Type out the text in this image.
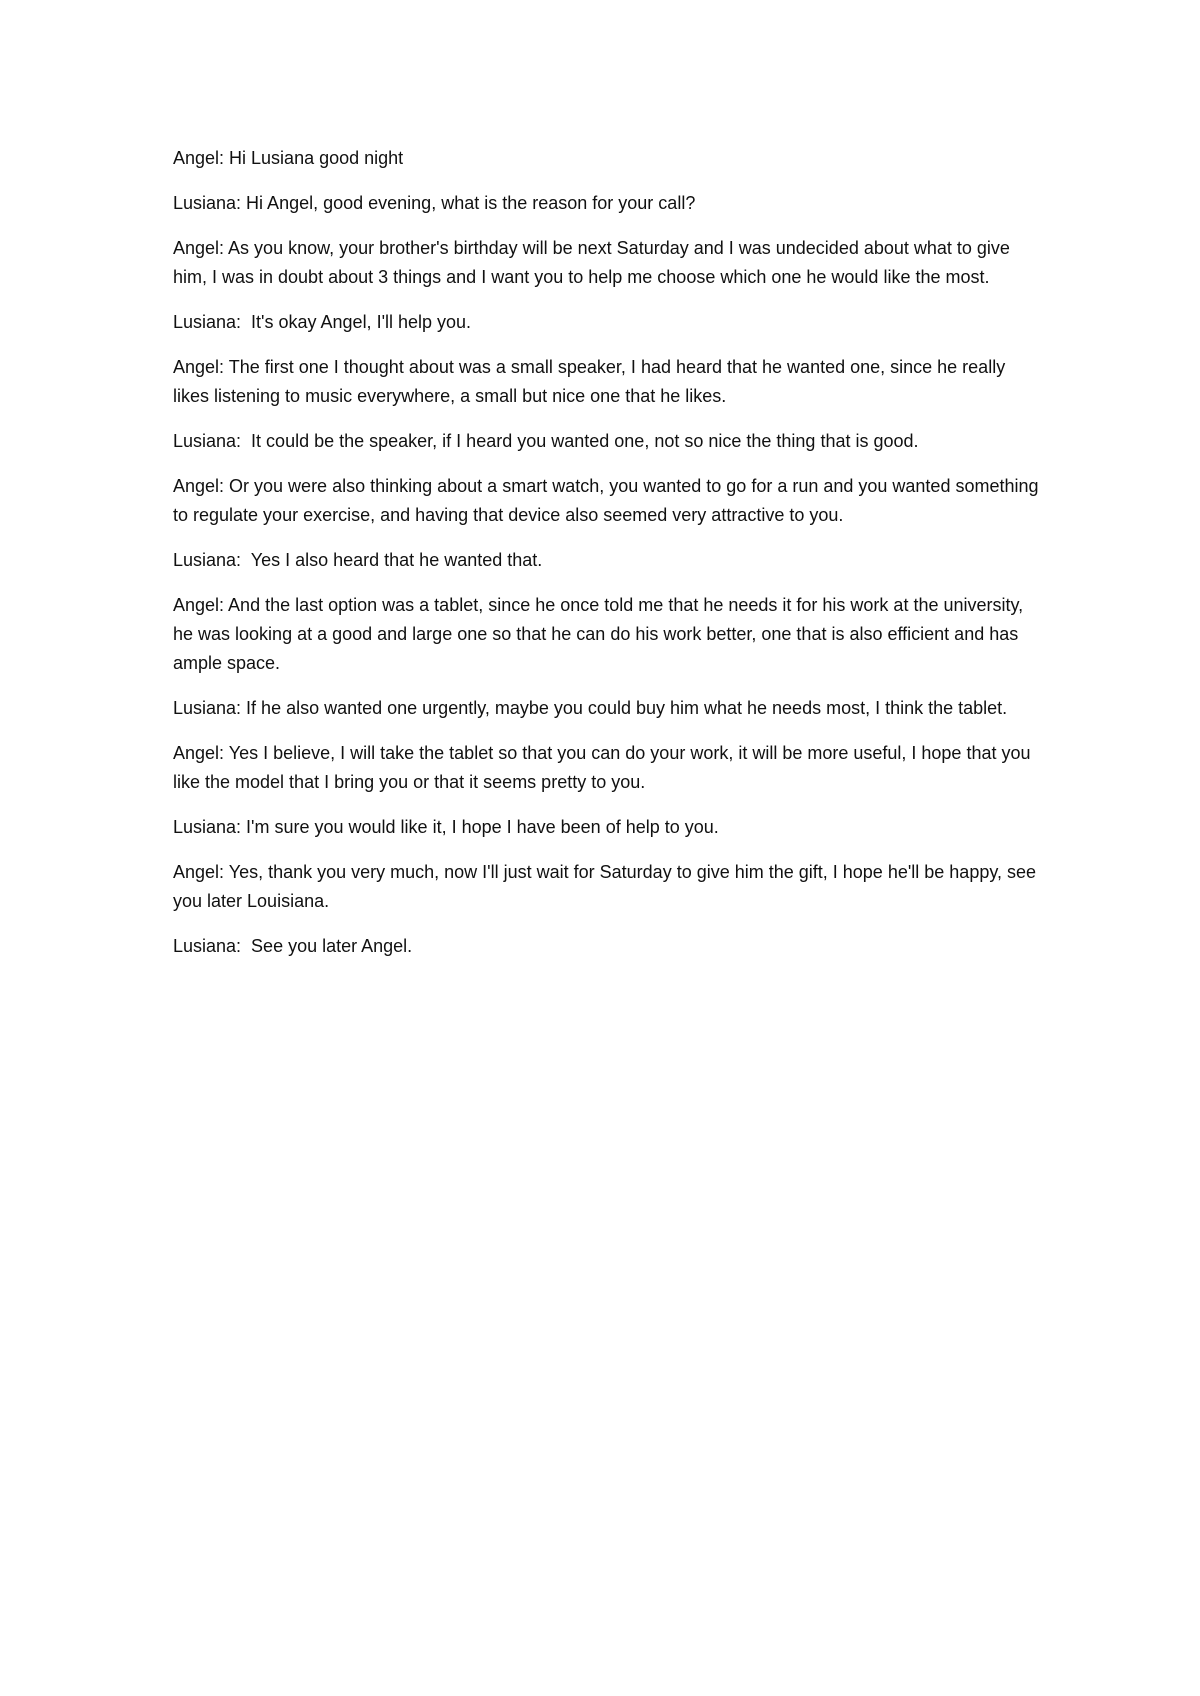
Angel: Hi Lusiana good night

Lusiana: Hi Angel, good evening, what is the reason for your call?

Angel: As you know, your brother's birthday will be next Saturday and I was undecided about what to give him, I was in doubt about 3 things and I want you to help me choose which one he would like the most.

Lusiana:  It's okay Angel, I'll help you.

Angel: The first one I thought about was a small speaker, I had heard that he wanted one, since he really likes listening to music everywhere, a small but nice one that he likes.

Lusiana:  It could be the speaker, if I heard you wanted one, not so nice the thing that is good.

Angel: Or you were also thinking about a smart watch, you wanted to go for a run and you wanted something to regulate your exercise, and having that device also seemed very attractive to you.

Lusiana:  Yes I also heard that he wanted that.

Angel: And the last option was a tablet, since he once told me that he needs it for his work at the university, he was looking at a good and large one so that he can do his work better, one that is also efficient and has ample space.

Lusiana: If he also wanted one urgently, maybe you could buy him what he needs most, I think the tablet.

Angel: Yes I believe, I will take the tablet so that you can do your work, it will be more useful, I hope that you like the model that I bring you or that it seems pretty to you.

Lusiana: I'm sure you would like it, I hope I have been of help to you.

Angel: Yes, thank you very much, now I'll just wait for Saturday to give him the gift, I hope he'll be happy, see you later Louisiana.

Lusiana:  See you later Angel.
